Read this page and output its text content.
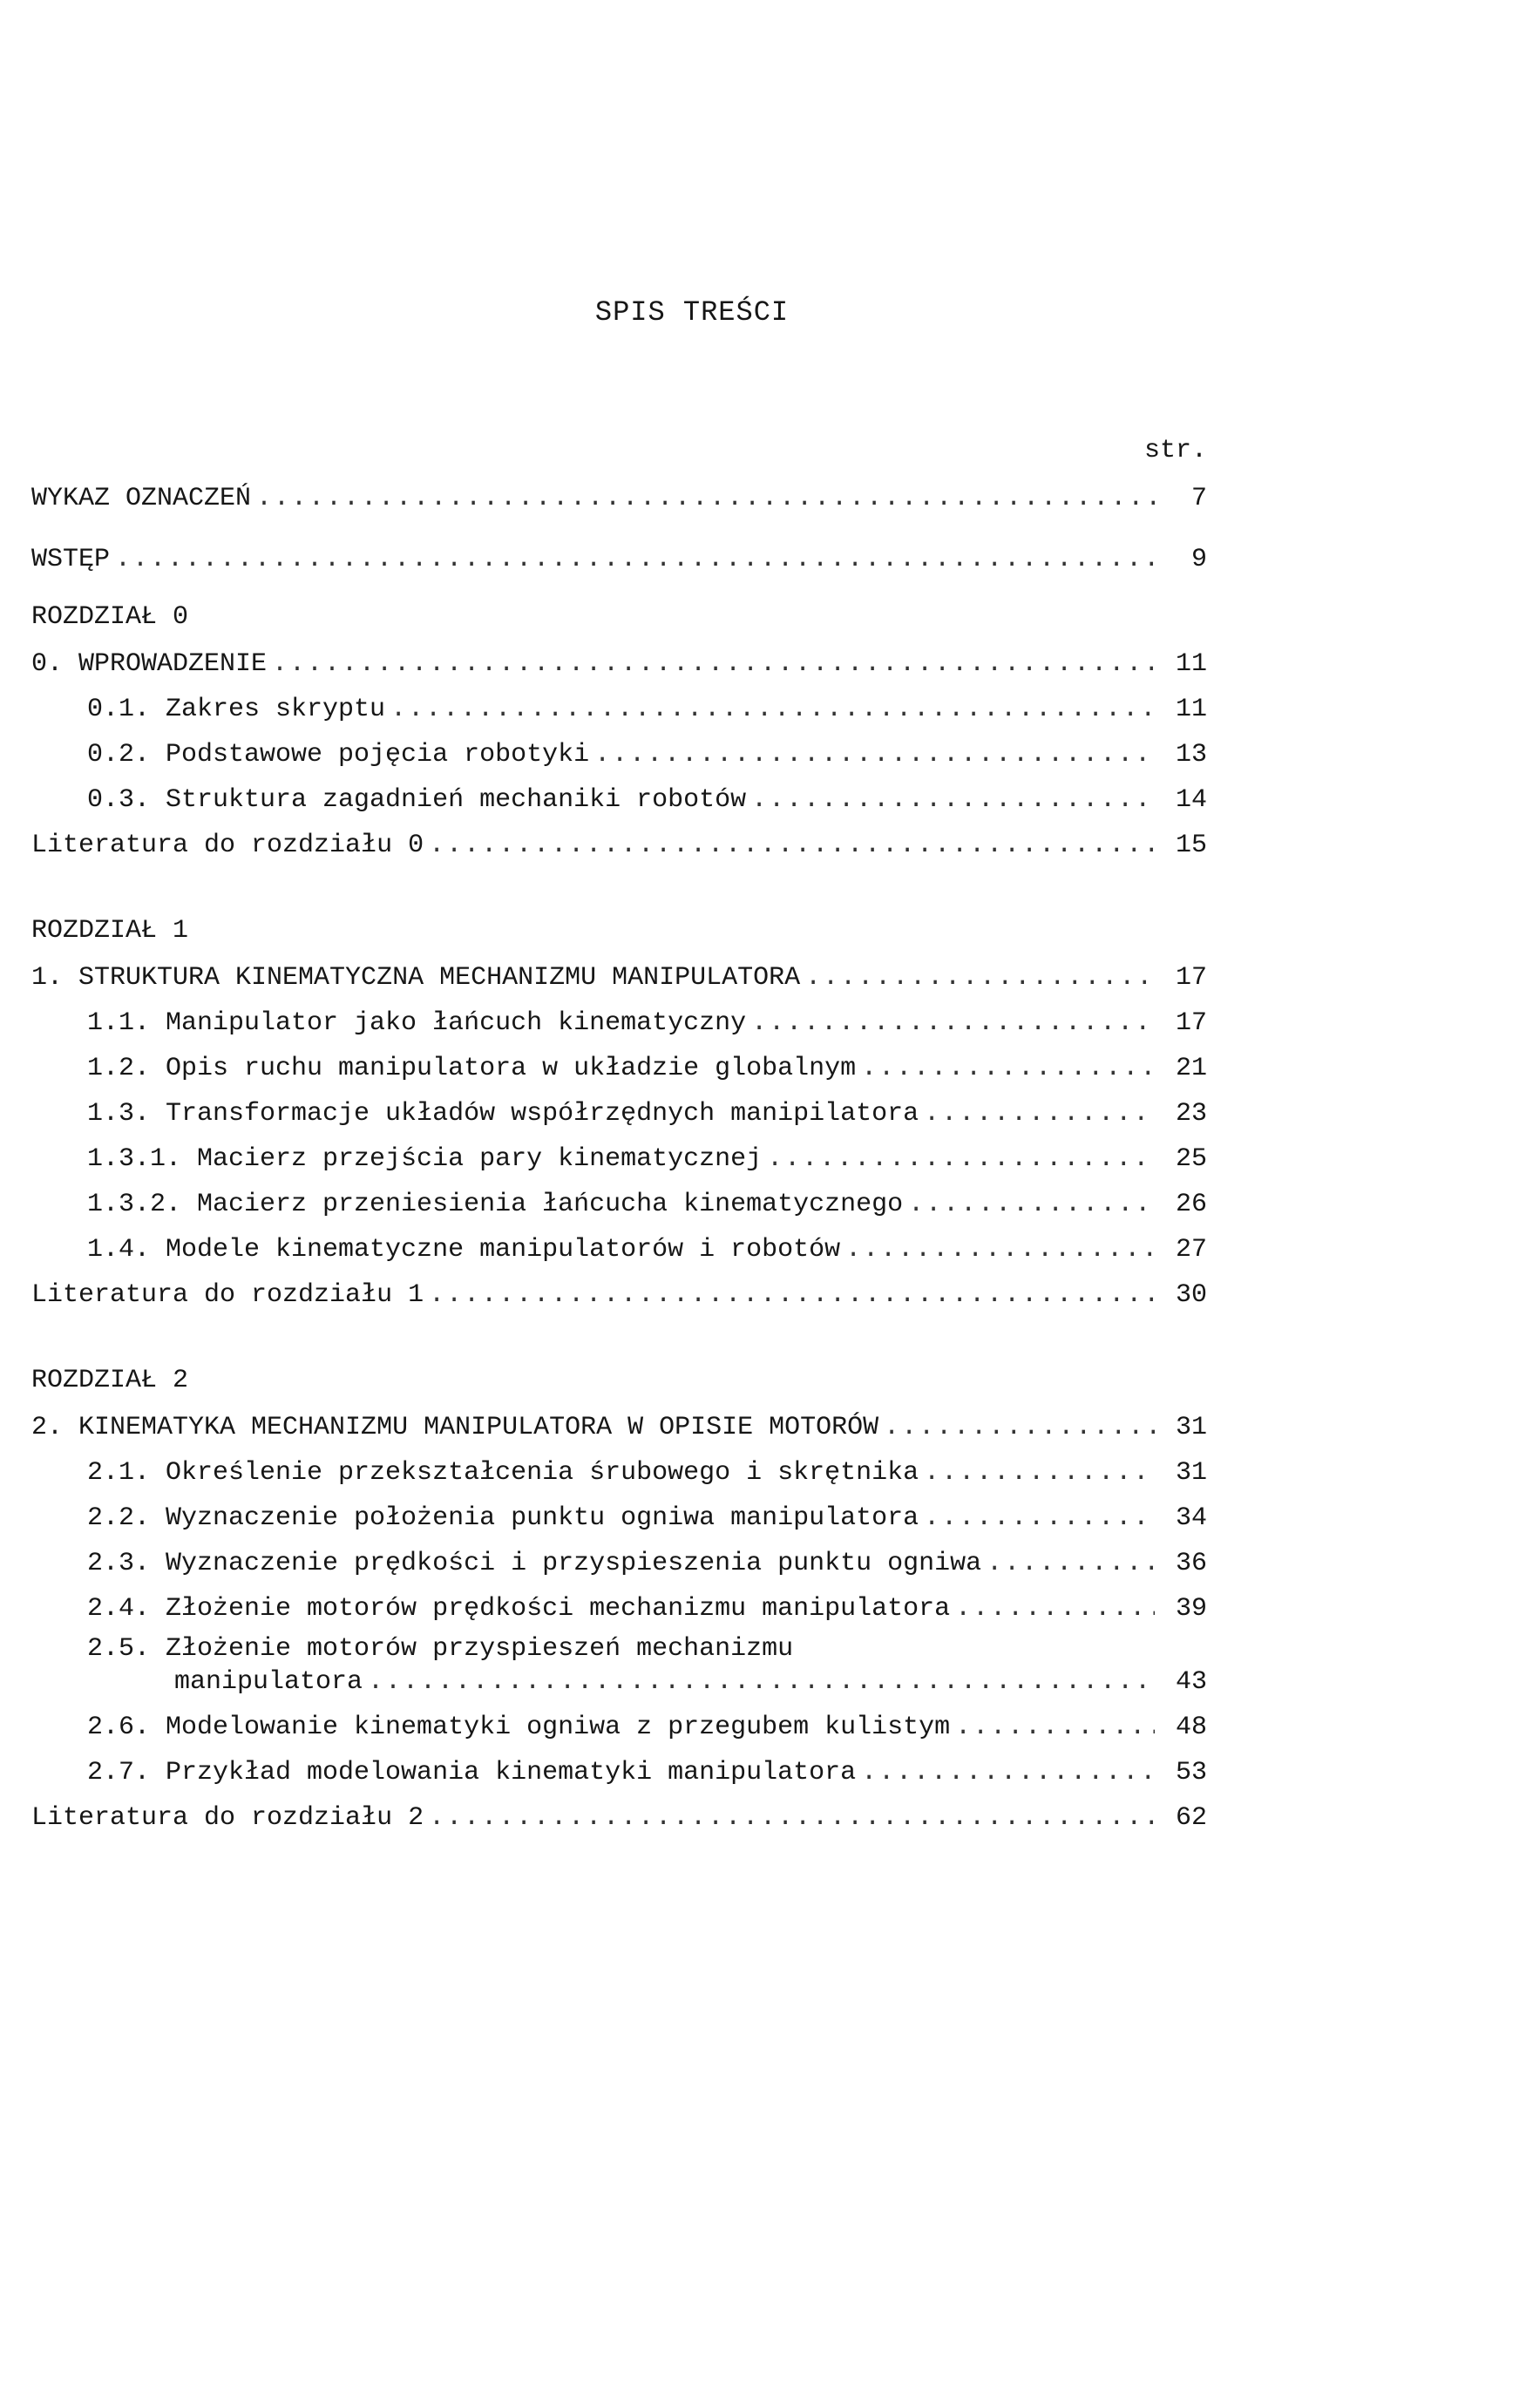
SPIS TREŚCI
str.
WYKAZ OZNACZEŃ .....	7
WSTĘP .....	9
ROZDZIAŁ 0
0. WPROWADZENIE .....	11
0.1. Zakres skryptu .....	11
0.2. Podstawowe pojęcia robotyki .....	13
0.3. Struktura zagadnień mechaniki robotów .....	14
Literatura do rozdziału 0 .....	15
ROZDZIAŁ 1
1. STRUKTURA KINEMATYCZNA MECHANIZMU MANIPULATORA .....	17
1.1. Manipulator jako łańcuch kinematyczny .....	17
1.2. Opis ruchu manipulatora w układzie globalnym .....	21
1.3. Transformacje układów współrzędnych manipilatora .....	23
1.3.1. Macierz przejścia pary kinematycznej .....	25
1.3.2. Macierz przeniesienia łańcucha kinematycznego .....	26
1.4. Modele kinematyczne manipulatorów i robotów .....	27
Literatura do rozdziału 1 .....	30
ROZDZIAŁ 2
2. KINEMATYKA MECHANIZMU MANIPULATORA W OPISIE MOTORÓW .....	31
2.1. Określenie przekształcenia śrubowego i skrętnika .....	31
2.2. Wyznaczenie położenia punktu ogniwa manipulatora .....	34
2.3. Wyznaczenie prędkości i przyspieszenia punktu ogniwa .....	36
2.4. Złożenie motorów prędkości mechanizmu manipulatora .....	39
2.5. Złożenie motorów przyspieszeń mechanizmu
manipulatora .....	43
2.6. Modelowanie kinematyki ogniwa z przegubem kulistym .....	48
2.7. Przykład modelowania kinematyki manipulatora .....	53
Literatura do rozdziału 2 .....	62
